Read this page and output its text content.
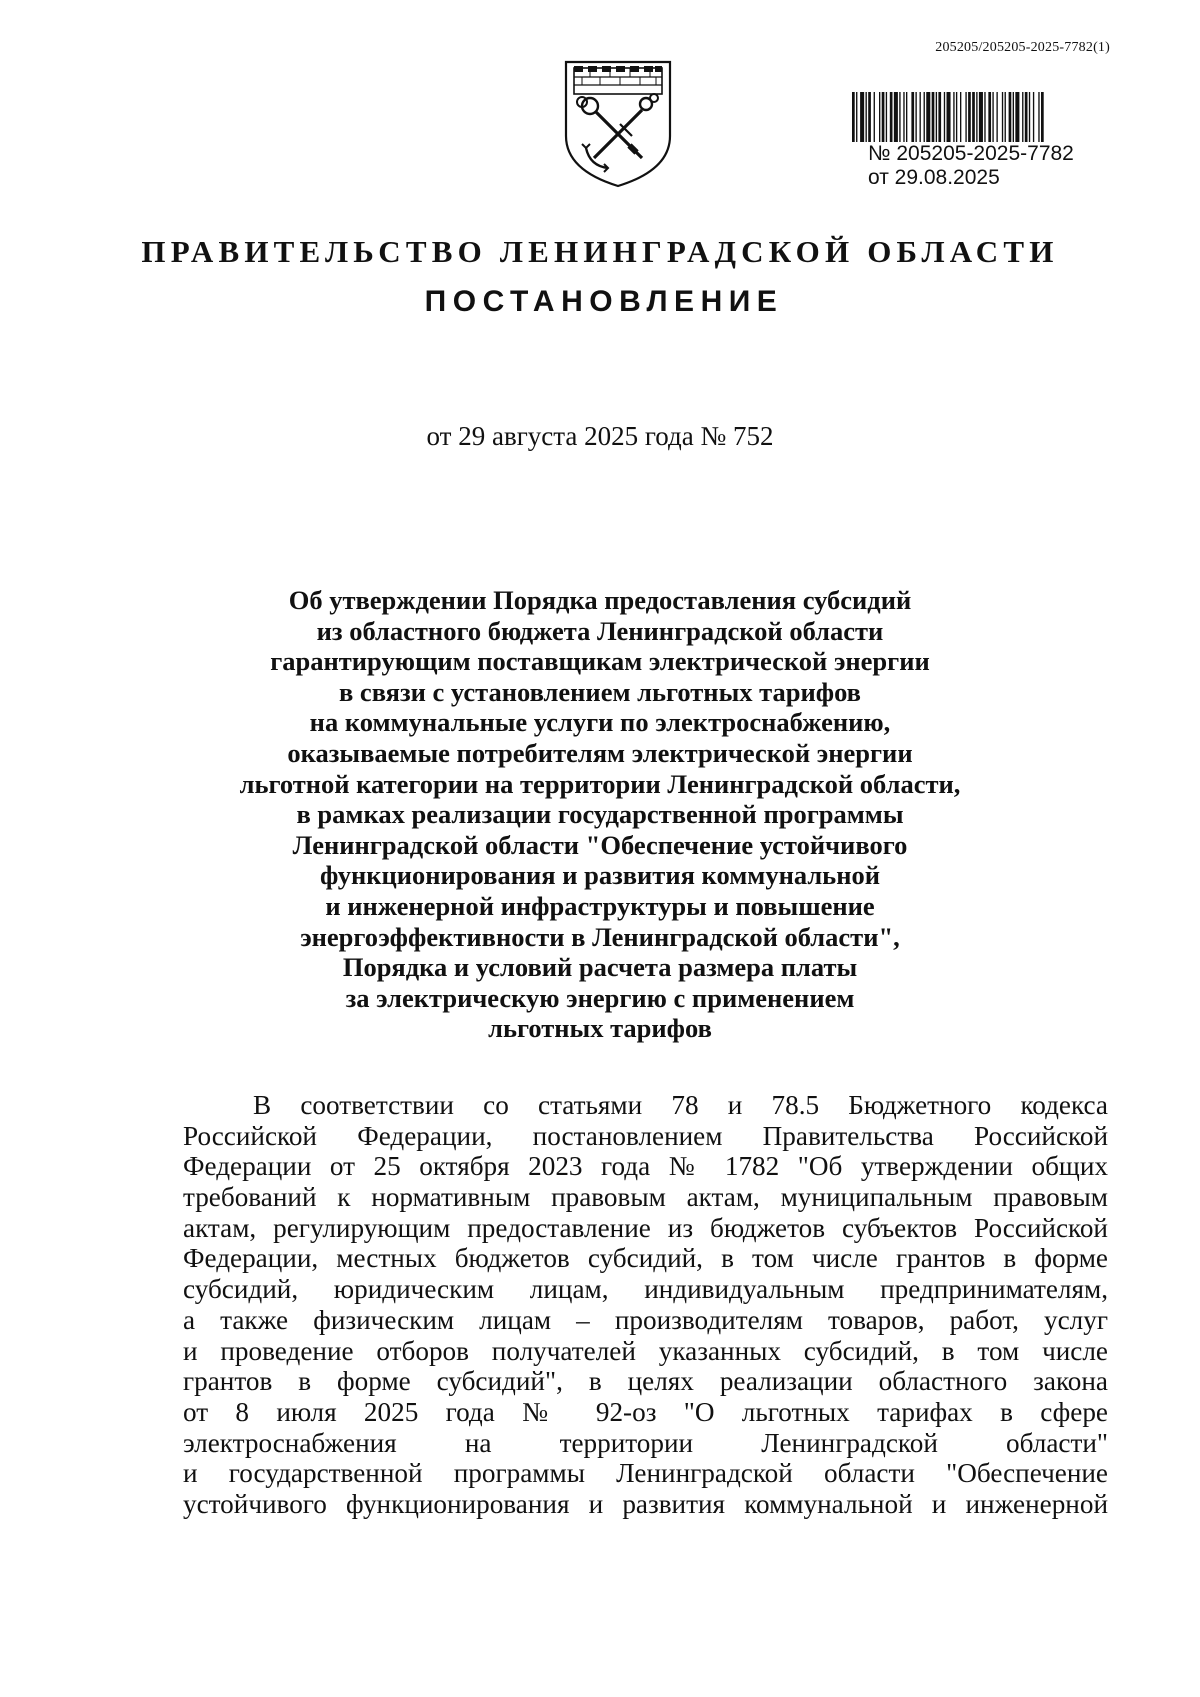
205205/205205-2025-7782(1)
№ 205205-2025-7782
от 29.08.2025
ПРАВИТЕЛЬСТВО ЛЕНИНГРАДСКОЙ ОБЛАСТИ
ПОСТАНОВЛЕНИЕ
от 29 августа 2025 года № 752
Об утверждении Порядка предоставления субсидий
из областного бюджета Ленинградской области
гарантирующим поставщикам электрической энергии
в связи с установлением льготных тарифов
на коммунальные услуги по электроснабжению,
оказываемые потребителям электрической энергии
льготной категории на территории Ленинградской области,
в рамках реализации государственной программы
Ленинградской области "Обеспечение устойчивого
функционирования и развития коммунальной
и инженерной инфраструктуры и повышение
энергоэффективности в Ленинградской области",
Порядка и условий расчета размера платы
за электрическую энергию с применением
льготных тарифов
В соответствии со статьями 78 и 78.5 Бюджетного кодекса
Российской Федерации, постановлением Правительства Российской
Федерации от 25 октября 2023 года № 1782 "Об утверждении общих
требований к нормативным правовым актам, муниципальным правовым
актам, регулирующим предоставление из бюджетов субъектов Российской
Федерации, местных бюджетов субсидий, в том числе грантов в форме
субсидий, юридическим лицам, индивидуальным предпринимателям,
а также физическим лицам – производителям товаров, работ, услуг
и проведение отборов получателей указанных субсидий, в том числе
грантов в форме субсидий", в целях реализации областного закона
от 8 июля 2025 года № 92-оз "О льготных тарифах в сфере
электроснабжения на территории Ленинградской области"
и государственной программы Ленинградской области "Обеспечение
устойчивого функционирования и развития коммунальной и инженерной
